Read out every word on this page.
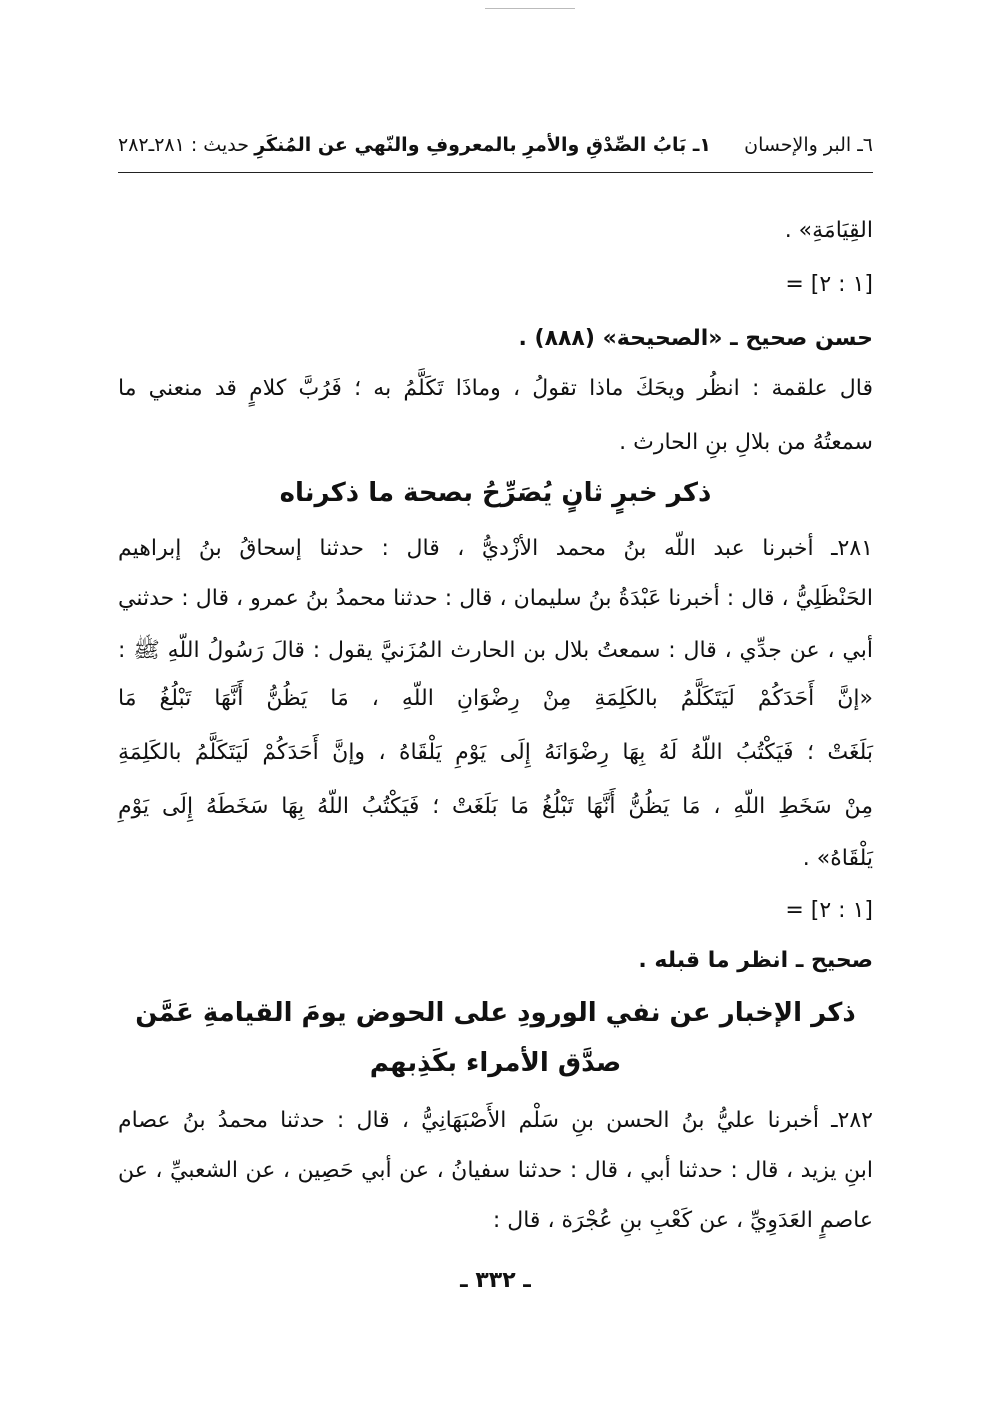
٦ـ البر والإحسان
١ـ بَابُ الصِّدْقِ والأمرِ بالمعروفِ والنّهي عن المُنكَرِ
حديث : ٢٨١ـ٢٨٢
القِيَامَةِ» .
= [١ : ٢]
حسن صحيح ـ «الصحيحة» (٨٨٨) .
قال علقمة : انظُر ويحَكَ ماذا تقولُ ، وماذَا تَكَلَّمُ به ؛ فَرُبَّ كلامٍ قد منعني ما
سمعتُهُ من بلالِ بنِ الحارث .
ذكر خبرٍ ثانٍ يُصَرِّحُ بصحة ما ذكرناه
٢٨١ـ أخبرنا عبد اللّه بنُ محمد الأزْديُّ ، قال : حدثنا إسحاقُ بنُ إبراهيم
الحَنْظَلِيُّ ، قال : أخبرنا عَبْدَةُ بنُ سليمان ، قال : حدثنا محمدُ بنُ عمرو ، قال : حدثني
أبي ، عن جدِّي ، قال : سمعتُ بلال بن الحارث المُزَنيَّ يقول : قالَ رَسُولُ اللّهِ ﷺ :
«إنَّ أَحَدَكُمْ لَيَتَكَلَّمُ بالكَلِمَةِ مِنْ رِضْوَانِ اللّهِ ، مَا يَظُنُّ أَنَّهَا تَبْلُغُ مَا
بَلَغَتْ ؛ فَيَكْتُبُ اللّهُ لَهُ بِهَا رِضْوَانَهُ إِلَى يَوْمِ يَلْقَاهُ ، وإنَّ أَحَدَكُمْ لَيَتَكَلَّمُ بالكَلِمَةِ
مِنْ سَخَطِ اللّهِ ، مَا يَظُنُّ أَنَّهَا تَبْلُغُ مَا بَلَغَتْ ؛ فَيَكْتُبُ اللّهُ بِهَا سَخَطَهُ إِلَى يَوْمِ
يَلْقَاهُ» .
= [١ : ٢]
صحيح ـ انظر ما قبله .
ذكر الإخبار عن نفي الورودِ على الحوض يومَ القيامةِ عَمَّن
صدَّق الأمراء بكَذِبهم
٢٨٢ـ أخبرنا عليُّ بنُ الحسن بنِ سَلْم الأَصْبَهَانِيُّ ، قال : حدثنا محمدُ بنُ عصام
ابنِ يزيد ، قال : حدثنا أبي ، قال : حدثنا سفيانُ ، عن أبي حَصِين ، عن الشعبيِّ ، عن
عاصمٍ العَدَوِيِّ ، عن كَعْبِ بنِ عُجْرَة ، قال :
ـ ٣٣٢ ـ
